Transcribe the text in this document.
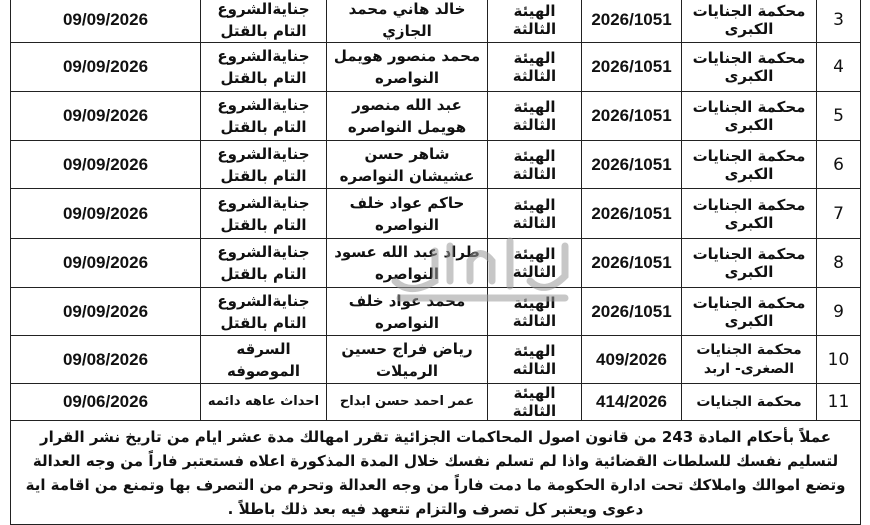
3	محكمة الجنايات الكبرى	2026/1051	الهيئة الثالثة	خالد هاني محمد الجازي	جنايةالشروع التام بالقتل	09/09/2026
4	محكمة الجنايات الكبرى	2026/1051	الهيئة الثالثة	محمد منصور هويمل النواصره	جنايةالشروع التام بالقتل	09/09/2026
5	محكمة الجنايات الكبرى	2026/1051	الهيئة الثالثة	عبد الله منصور هويمل النواصره	جنايةالشروع التام بالقتل	09/09/2026
6	محكمة الجنايات الكبرى	2026/1051	الهيئة الثالثة	شاهر حسن عشيشان النواصره	جنايةالشروع التام بالقتل	09/09/2026
7	محكمة الجنايات الكبرى	2026/1051	الهيئة الثالثة	حاكم عواد خلف النواصره	جنايةالشروع التام بالقتل	09/09/2026
8	محكمة الجنايات الكبرى	2026/1051	الهيئة الثالثة	طراد عبد الله عسود النواصره	جنايةالشروع التام بالقتل	09/09/2026
9	محكمة الجنايات الكبرى	2026/1051	الهيئة الثالثة	محمد عواد خلف النواصره	جنايةالشروع التام بالقتل	09/09/2026
10	محكمة الجنايات الصغرى- اربد	409/2026	الهيئة الثالثه	رياض فراج حسين الرميلات	السرقه الموصوفه	09/08/2026
11	محكمة الجنايات	414/2026	الهيئة الثالثة	عمر احمد حسن ابداح	احداث عاهه دائمه	09/06/2026
عملاً بأحكام المادة 243 من قانون اصول المحاكمات الجزائية تقرر امهالك مدة عشر ايام من تاريخ نشر القرار لتسليم نفسك للسلطات القضائية واذا لم تسلم نفسك خلال المدة المذكورة اعلاه فستعتبر فاراً من وجه العدالة وتضع اموالك واملاكك تحت ادارة الحكومة ما دمت فاراً من وجه العدالة وتحرم من التصرف بها وتمنع من اقامة اية دعوى ويعتبر كل تصرف والتزام تتعهد فيه بعد ذلك باطلاً .						
